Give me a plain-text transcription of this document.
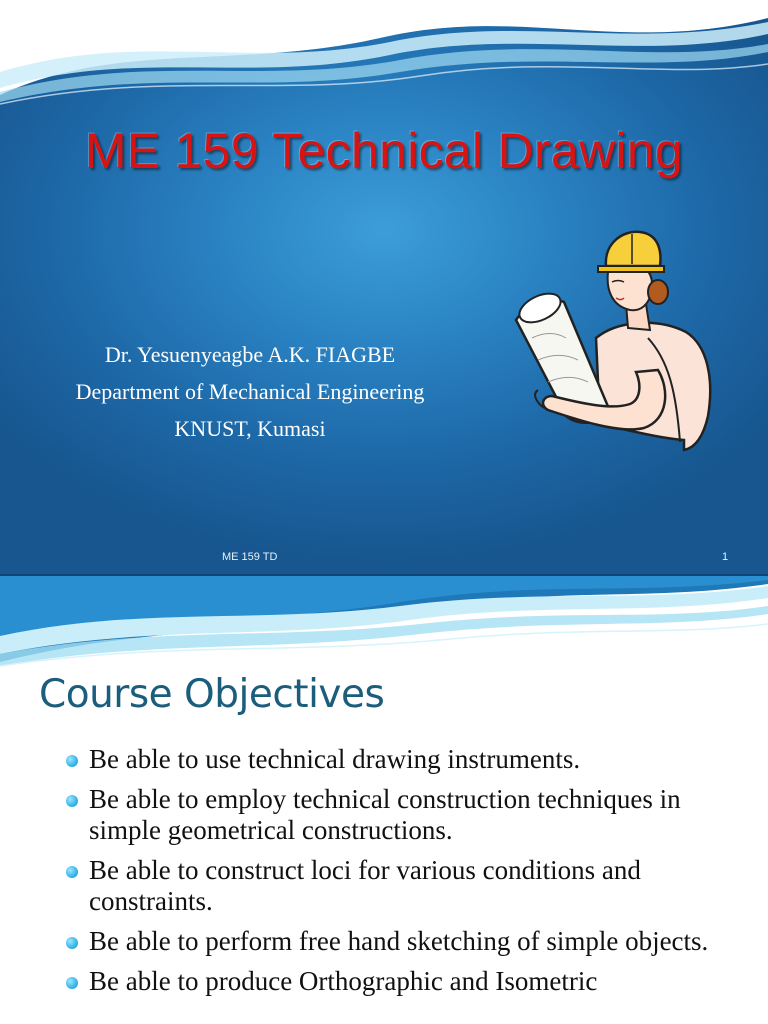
ME 159 Technical Drawing
Dr. Yesuenyeagbe A.K. FIAGBE
Department of Mechanical Engineering
KNUST, Kumasi
ME 159 TD	1
Course Objectives
Be able to use technical drawing instruments.
Be able to employ technical construction techniques in simple geometrical constructions.
Be able to construct loci for various conditions and constraints.
Be able to perform free hand sketching of simple objects.
Be able to produce Orthographic and Isometric
